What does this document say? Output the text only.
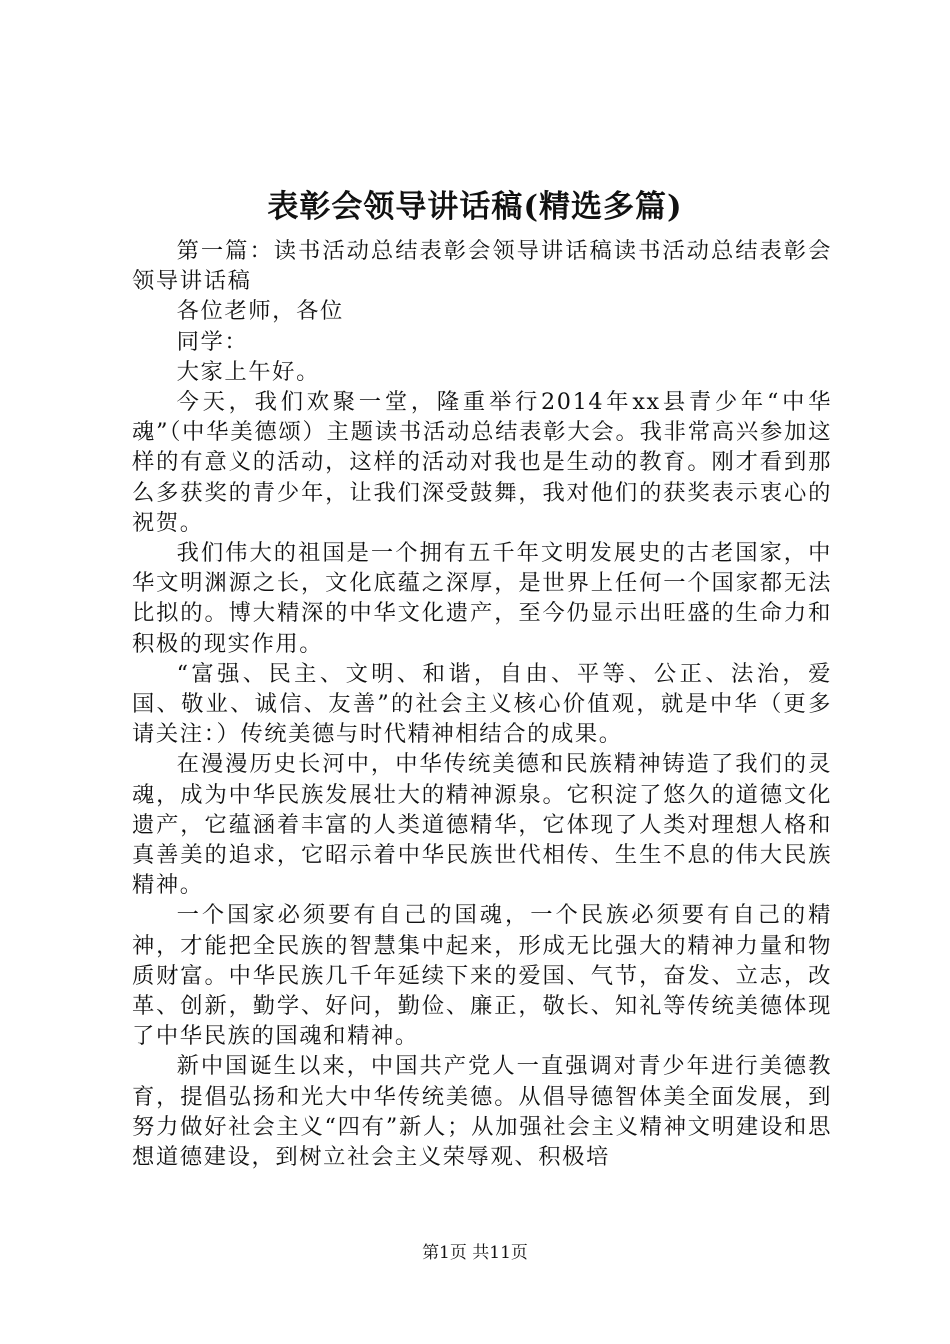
表彰会领导讲话稿(精选多篇)

第一篇：读书活动总结表彰会领导讲话稿读书活动总结表彰会领导讲话稿

各位老师，各位

同学：

大家上午好。

今天，我们欢聚一堂，隆重举行2014年xx县青少年“中华魂”（中华美德颂）主题读书活动总结表彰大会。我非常高兴参加这样的有意义的活动，这样的活动对我也是生动的教育。刚才看到那么多获奖的青少年，让我们深受鼓舞，我对他们的获奖表示衷心的祝贺。

我们伟大的祖国是一个拥有五千年文明发展史的古老国家，中华文明渊源之长，文化底蕴之深厚，是世界上任何一个国家都无法比拟的。博大精深的中华文化遗产，至今仍显示出旺盛的生命力和积极的现实作用。

“富强、民主、文明、和谐，自由、平等、公正、法治，爱国、敬业、诚信、友善”的社会主义核心价值观，就是中华（更多请关注：）传统美德与时代精神相结合的成果。

在漫漫历史长河中，中华传统美德和民族精神铸造了我们的灵魂，成为中华民族发展壮大的精神源泉。它积淀了悠久的道德文化遗产，它蕴涵着丰富的人类道德精华，它体现了人类对理想人格和真善美的追求，它昭示着中华民族世代相传、生生不息的伟大民族精神。

一个国家必须要有自己的国魂，一个民族必须要有自己的精神，才能把全民族的智慧集中起来，形成无比强大的精神力量和物质财富。中华民族几千年延续下来的爱国、气节，奋发、立志，改革、创新，勤学、好问，勤俭、廉正，敬长、知礼等传统美德体现了中华民族的国魂和精神。

新中国诞生以来，中国共产党人一直强调对青少年进行美德教育，提倡弘扬和光大中华传统美德。从倡导德智体美全面发展，到努力做好社会主义“四有”新人；从加强社会主义精神文明建设和思想道德建设，到树立社会主义荣辱观、积极培

第1页 共11页
